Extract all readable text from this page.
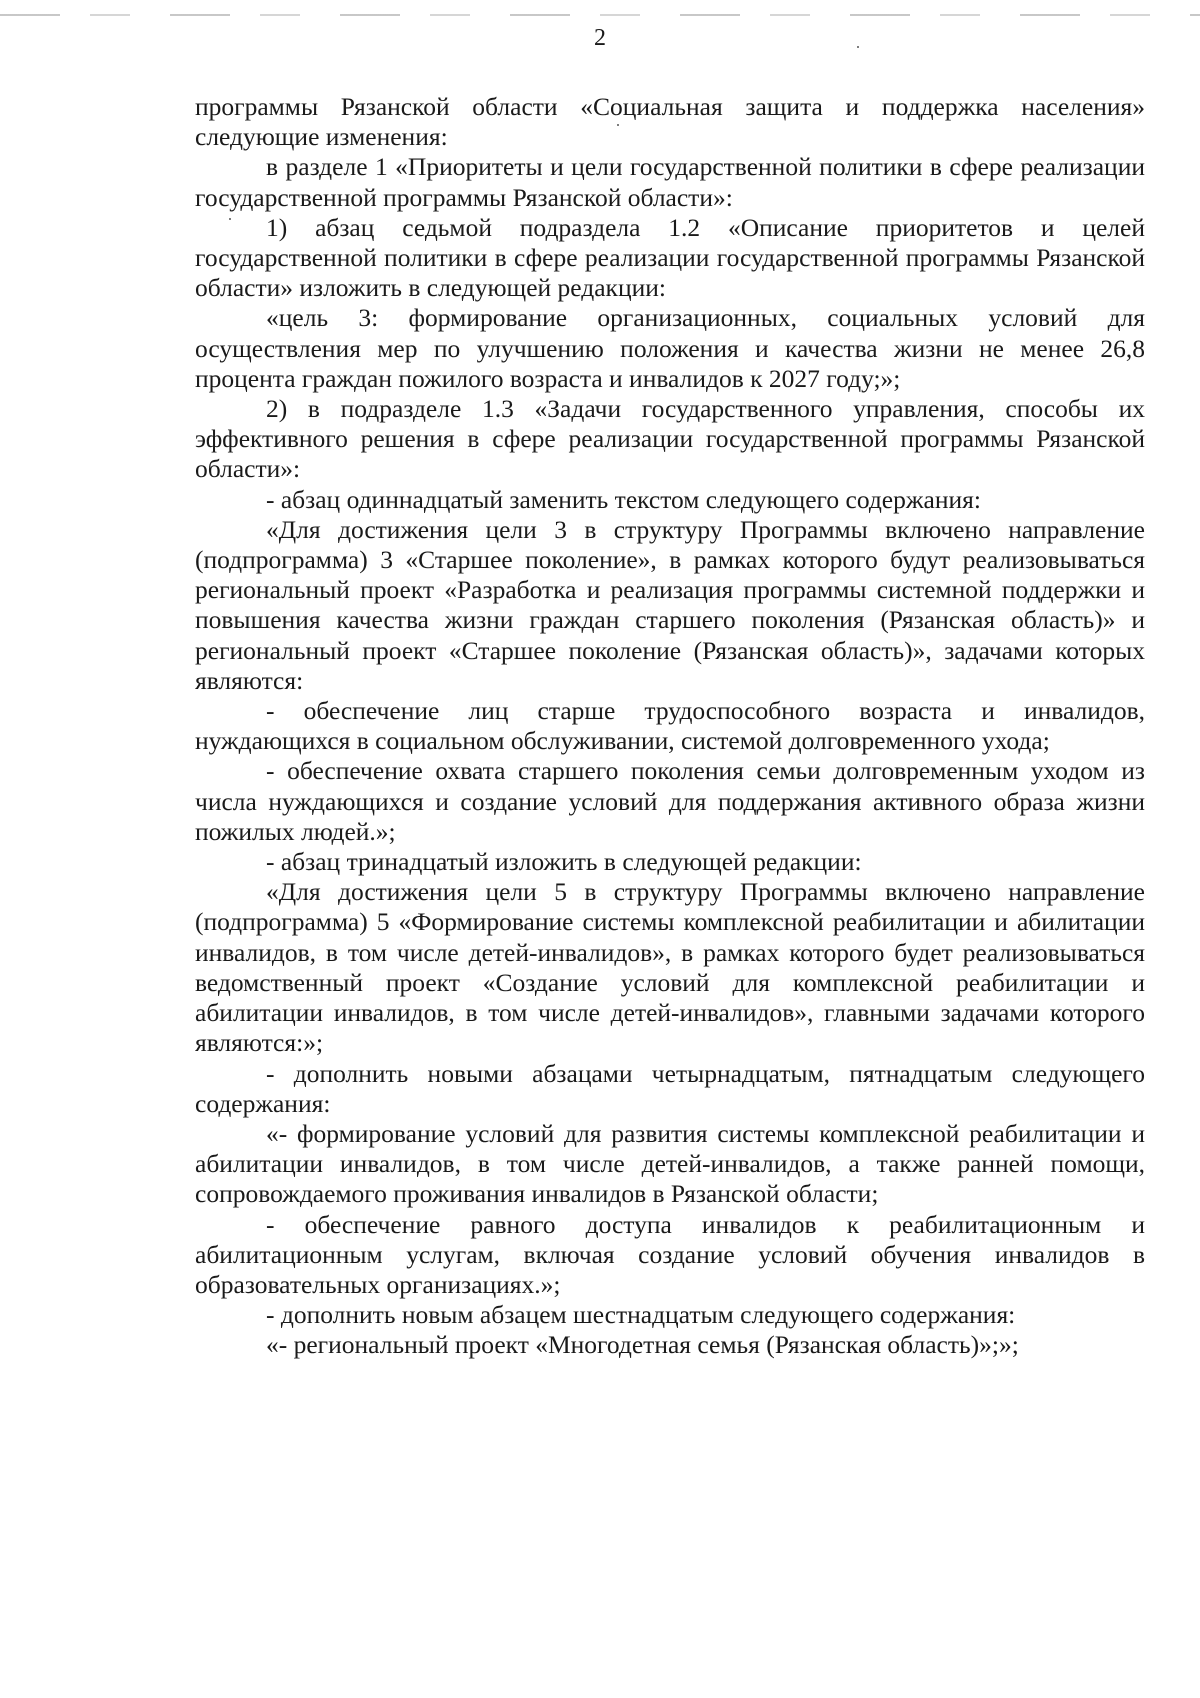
2

программы Рязанской области «Социальная защита и поддержка населения» следующие изменения:

в разделе 1 «Приоритеты и цели государственной политики в сфере реализации государственной программы Рязанской области»:

1) абзац седьмой подраздела 1.2 «Описание приоритетов и целей государственной политики в сфере реализации государственной программы Рязанской области» изложить в следующей редакции:

«цель 3: формирование организационных, социальных условий для осуществления мер по улучшению положения и качества жизни не менее 26,8 процента граждан пожилого возраста и инвалидов к 2027 году;»;

2) в подразделе 1.3 «Задачи государственного управления, способы их эффективного решения в сфере реализации государственной программы Рязанской области»:

- абзац одиннадцатый заменить текстом следующего содержания:

«Для достижения цели 3 в структуру Программы включено направление (подпрограмма) 3 «Старшее поколение», в рамках которого будут реализовываться региональный проект «Разработка и реализация программы системной поддержки и повышения качества жизни граждан старшего поколения (Рязанская область)» и региональный проект «Старшее поколение (Рязанская область)», задачами которых являются:

- обеспечение лиц старше трудоспособного возраста и инвалидов, нуждающихся в социальном обслуживании, системой долговременного ухода;

- обеспечение охвата старшего поколения семьи долговременным уходом из числа нуждающихся и создание условий для поддержания активного образа жизни пожилых людей.»;

- абзац тринадцатый изложить в следующей редакции:

«Для достижения цели 5 в структуру Программы включено направление (подпрограмма) 5 «Формирование системы комплексной реабилитации и абилитации инвалидов, в том числе детей-инвалидов», в рамках которого будет реализовываться ведомственный проект «Создание условий для комплексной реабилитации и абилитации инвалидов, в том числе детей-инвалидов», главными задачами которого являются:»;

- дополнить новыми абзацами четырнадцатым, пятнадцатым следующего содержания:

«- формирование условий для развития системы комплексной реабилитации и абилитации инвалидов, в том числе детей-инвалидов, а также ранней помощи, сопровождаемого проживания инвалидов в Рязанской области;

- обеспечение равного доступа инвалидов к реабилитационным и абилитационным услугам, включая создание условий обучения инвалидов в образовательных организациях.»;

- дополнить новым абзацем шестнадцатым следующего содержания:

«- региональный проект «Многодетная семья (Рязанская область)»;»;
